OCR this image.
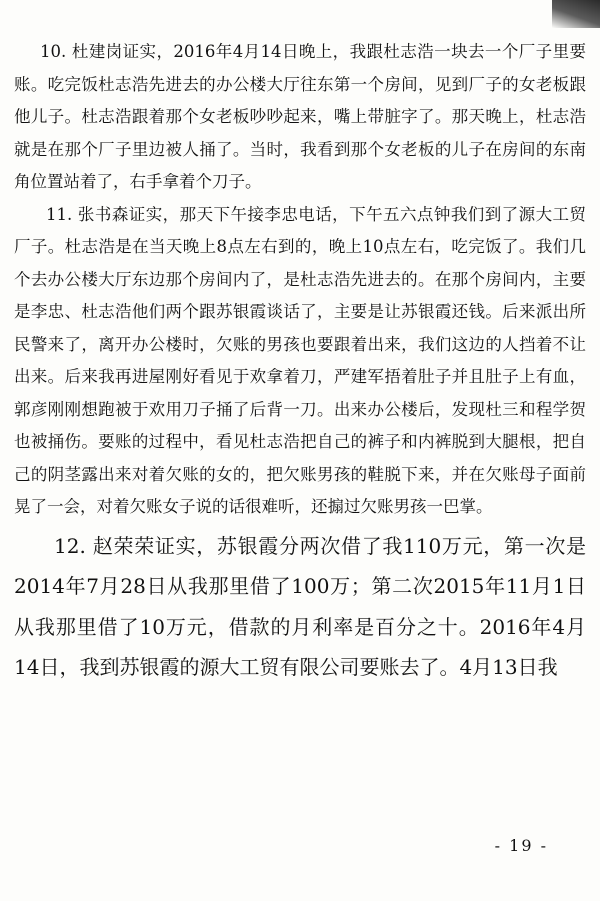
10. 杜建岗证实，2016年4月14日晚上，我跟杜志浩一块去一个厂子里要账。吃完饭杜志浩先进去的办公楼大厅往东第一个房间，见到厂子的女老板跟他儿子。杜志浩跟着那个女老板吵吵起来，嘴上带脏字了。那天晚上，杜志浩就是在那个厂子里边被人捅了。当时，我看到那个女老板的儿子在房间的东南角位置站着了，右手拿着个刀子。

11. 张书森证实，那天下午接李忠电话，下午五六点钟我们到了源大工贸厂子。杜志浩是在当天晚上8点左右到的，晚上10点左右，吃完饭了。我们几个去办公楼大厅东边那个房间内了，是杜志浩先进去的。在那个房间内，主要是李忠、杜志浩他们两个跟苏银霞谈话了，主要是让苏银霞还钱。后来派出所民警来了，离开办公楼时，欠账的男孩也要跟着出来，我们这边的人挡着不让出来。后来我再进屋刚好看见于欢拿着刀，严建军捂着肚子并且肚子上有血，郭彦刚刚想跑被于欢用刀子捅了后背一刀。出来办公楼后，发现杜三和程学贺也被捅伤。要账的过程中，看见杜志浩把自己的裤子和内裤脱到大腿根，把自己的阴茎露出来对着欠账的女的，把欠账男孩的鞋脱下来，并在欠账母子面前晃了一会，对着欠账女子说的话很难听，还搧过欠账男孩一巴掌。

12. 赵荣荣证实，苏银霞分两次借了我110万元，第一次是2014年7月28日从我那里借了100万；第二次2015年11月1日从我那里借了10万元，借款的月利率是百分之十。2016年4月14日，我到苏银霞的源大工贸有限公司要账去了。4月13日我

- 19 -
